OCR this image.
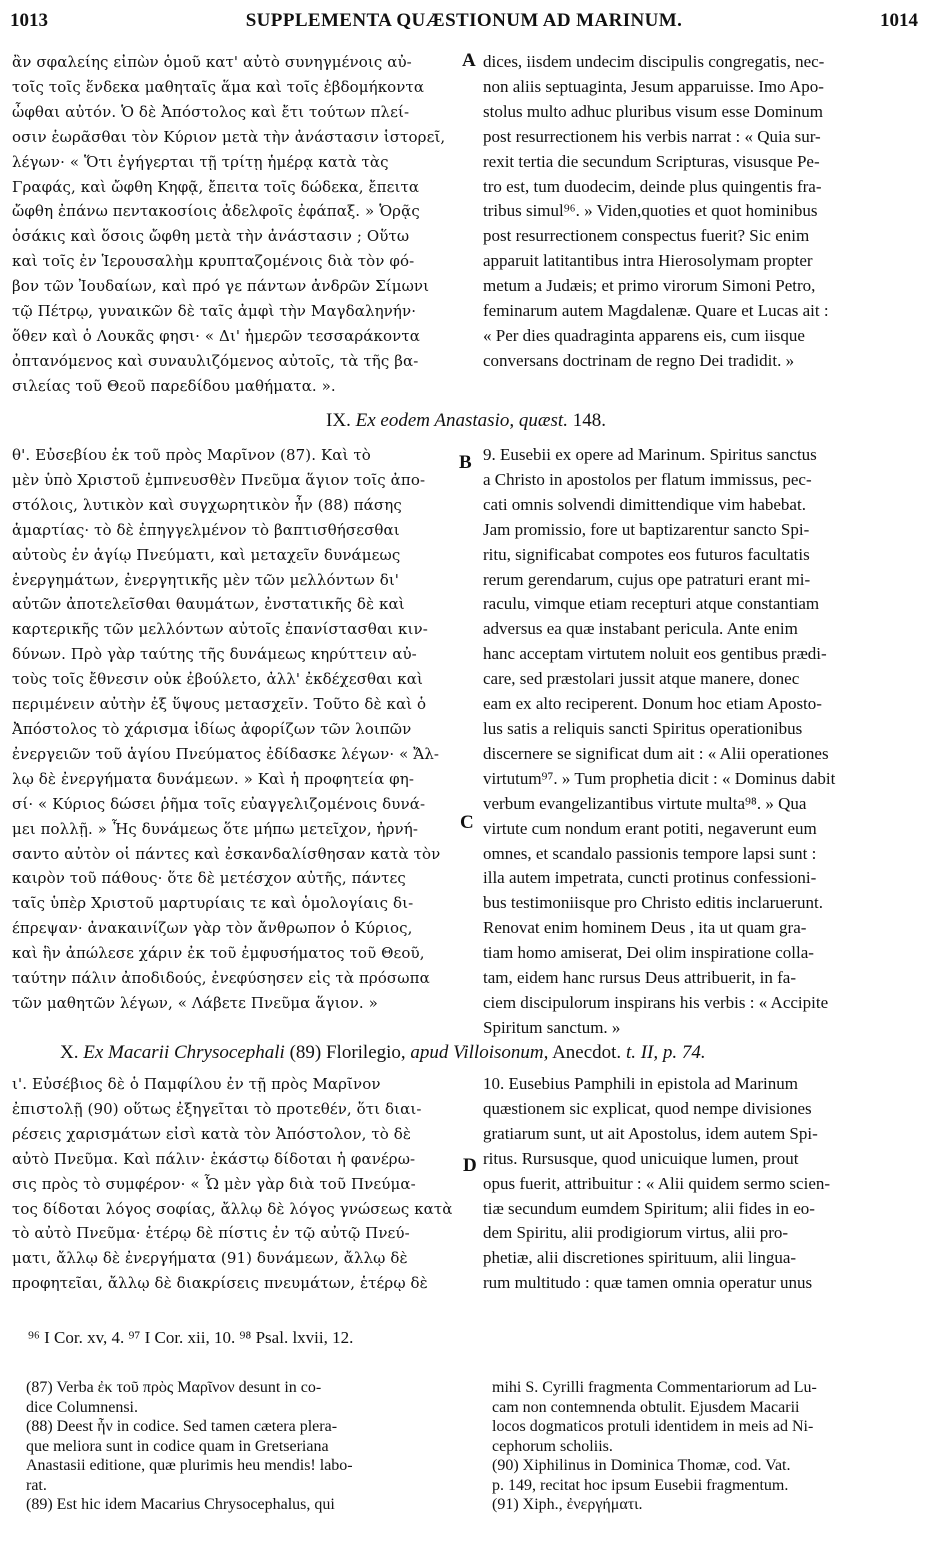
1013	SUPPLEMENTA QUÆSTIONUM AD MARINUM.	1014
ἂν σφαλείης εἰπὼν ὁμοῦ κατ' αὐτὸ συνηγμένοις αὐ-
τοῖς τοῖς ἕνδεκα μαθηταῖς ἅμα καὶ τοῖς ἑβδομήκοντα
ὦφθαι αὐτόν. Ὁ δὲ Ἀπόστολος καὶ ἔτι τούτων πλεί-
οσιν ἑωρᾶσθαι τὸν Κύριον μετὰ τὴν ἀνάστασιν ἱστορεῖ,
λέγων· « Ὅτι ἐγήγερται τῇ τρίτῃ ἡμέρᾳ κατὰ τὰς
Γραφάς, καὶ ὤφθη Κηφᾷ, ἔπειτα τοῖς δώδεκα, ἔπειτα
ὤφθη ἐπάνω πεντακοσίοις ἀδελφοῖς ἐφάπαξ. » Ὁρᾷς
ὁσάκις καὶ ὅσοις ὤφθη μετὰ τὴν ἀνάστασιν ; Οὕτω
καὶ τοῖς ἐν Ἱερουσαλὴμ κρυπταζομένοις διὰ τὸν φό-
βον τῶν Ἰουδαίων, καὶ πρό γε πάντων ἀνδρῶν Σίμωνι
τῷ Πέτρῳ, γυναικῶν δὲ ταῖς ἀμφὶ τὴν Μαγδαληνήν·
ὅθεν καὶ ὁ Λουκᾶς φησι· « Δι' ἡμερῶν τεσσαράκοντα
ὀπτανόμενος καὶ συναυλιζόμενος αὐτοῖς, τὰ τῆς βα-
σιλείας τοῦ Θεοῦ παρεδίδου μαθήματα. ».
dices, iisdem undecim discipulis congregatis, nec-
non aliis septuaginta, Jesum apparuisse. Imo Apo-
stolus multo adhuc pluribus visum esse Dominum
post resurrectionem his verbis narrat : « Quia sur-
rexit tertia die secundum Scripturas, visusque Pe-
tro est, tum duodecim, deinde plus quingentis fra-
tribus simul⁹⁶. » Viden,quoties et quot hominibus
post resurrectionem conspectus fuerit? Sic enim
apparuit latitantibus intra Hierosolymam propter
metum a Judæis; et primo virorum Simoni Petro,
feminarum autem Magdalenæ. Quare et Lucas ait :
« Per dies quadraginta apparens eis, cum iisque
conversans doctrinam de regno Dei tradidit. »
A
IX. Ex eodem Anastasio, quæst. 148.
θ'. Εὐσεβίου ἐκ τοῦ πρὸς Μαρῖνον (87). Καὶ τὸ
μὲν ὑπὸ Χριστοῦ ἐμπνευσθὲν Πνεῦμα ἅγιον τοῖς ἀπο-
στόλοις, λυτικὸν καὶ συγχωρητικὸν ἦν (88) πάσης
ἁμαρτίας· τὸ δὲ ἐπηγγελμένον τὸ βαπτισθήσεσθαι
αὐτοὺς ἐν ἁγίῳ Πνεύματι, καὶ μεταχεῖν δυνάμεως
ἐνεργημάτων, ἐνεργητικῆς μὲν τῶν μελλόντων δι'
αὐτῶν ἀποτελεῖσθαι θαυμάτων, ἐνστατικῆς δὲ καὶ
καρτερικῆς τῶν μελλόντων αὐτοῖς ἐπανίστασθαι κιν-
δύνων. Πρὸ γὰρ ταύτης τῆς δυνάμεως κηρύττειν αὐ-
τοὺς τοῖς ἔθνεσιν οὐκ ἐβούλετο, ἀλλ' ἐκδέχεσθαι καὶ
περιμένειν αὐτὴν ἐξ ὕψους μετασχεῖν. Τοῦτο δὲ καὶ ὁ
Ἀπόστολος τὸ χάρισμα ἰδίως ἀφορίζων τῶν λοιπῶν
ἐνεργειῶν τοῦ ἁγίου Πνεύματος ἐδίδασκε λέγων· « Ἄλ-
λῳ δὲ ἐνεργήματα δυνάμεων. » Καὶ ἡ προφητεία φη-
σί· « Κύριος δώσει ῥῆμα τοῖς εὐαγγελιζομένοις δυνά-
μει πολλῇ. » Ἧς δυνάμεως ὅτε μήπω μετεῖχον, ἠρνή-
σαντο αὐτὸν οἱ πάντες καὶ ἐσκανδαλίσθησαν κατὰ τὸν
καιρὸν τοῦ πάθους· ὅτε δὲ μετέσχον αὐτῆς, πάντες
ταῖς ὑπὲρ Χριστοῦ μαρτυρίαις τε καὶ ὁμολογίαις δι-
έπρεψαν· ἀνακαινίζων γὰρ τὸν ἄνθρωπον ὁ Κύριος,
καὶ ἣν ἀπώλεσε χάριν ἐκ τοῦ ἐμφυσήματος τοῦ Θεοῦ,
ταύτην πάλιν ἀποδιδούς, ἐνεφύσησεν εἰς τὰ πρόσωπα
τῶν μαθητῶν λέγων, « Λάβετε Πνεῦμα ἅγιον. »
9. Eusebii ex opere ad Marinum. Spiritus sanctus
a Christo in apostolos per flatum immissus, pec-
cati omnis solvendi dimittendique vim habebat.
Jam promissio, fore ut baptizarentur sancto Spi-
ritu, significabat compotes eos futuros facultatis
rerum gerendarum, cujus ope patraturi erant mi-
raculu, vimque etiam recepturi atque constantiam
adversus ea quæ instabant pericula. Ante enim
hanc acceptam virtutem noluit eos gentibus prædi-
care, sed præstolari jussit atque manere, donec
eam ex alto reciperent. Donum hoc etiam Aposto-
lus satis a reliquis sancti Spiritus operationibus
discernere se significat dum ait : « Alii operationes
virtutum⁹⁷. » Tum prophetia dicit : « Dominus dabit
verbum evangelizantibus virtute multa⁹⁸. » Qua
virtute cum nondum erant potiti, negaverunt eum
omnes, et scandalo passionis tempore lapsi sunt :
illa autem impetrata, cuncti protinus confessioni-
bus testimoniisque pro Christo editis inclaruerunt.
Renovat enim hominem Deus , ita ut quam gra-
tiam homo amiserat, Dei olim inspiratione colla-
tam, eidem hanc rursus Deus attribuerit, in fa-
ciem discipulorum inspirans his verbis : « Accipite
Spiritum sanctum. »
B
C
X. Ex Macarii Chrysocephali (89) Florilegio, apud Villoisonum, Anecdot. t. II, p. 74.
ι'. Εὐσέβιος δὲ ὁ Παμφίλου ἐν τῇ πρὸς Μαρῖνον
ἐπιστολῇ (90) οὕτως ἐξηγεῖται τὸ προτεθέν, ὅτι διαι-
ρέσεις χαρισμάτων εἰσὶ κατὰ τὸν Ἀπόστολον, τὸ δὲ
αὐτὸ Πνεῦμα. Καὶ πάλιν· ἑκάστῳ δίδοται ἡ φανέρω-
σις πρὸς τὸ συμφέρον· « Ὧ μὲν γὰρ διὰ τοῦ Πνεύμα-
τος δίδοται λόγος σοφίας, ἄλλῳ δὲ λόγος γνώσεως κατὰ
τὸ αὐτὸ Πνεῦμα· ἑτέρῳ δὲ πίστις ἐν τῷ αὐτῷ Πνεύ-
ματι, ἄλλῳ δὲ ἐνεργήματα (91) δυνάμεων, ἄλλῳ δὲ
προφητεῖαι, ἄλλῳ δὲ διακρίσεις πνευμάτων, ἑτέρῳ δὲ
10. Eusebius Pamphili in epistola ad Marinum
quæstionem sic explicat, quod nempe divisiones
gratiarum sunt, ut ait Apostolus, idem autem Spi-
ritus. Rursusque, quod unicuique lumen, prout
opus fuerit, attribuitur : « Alii quidem sermo scien-
tiæ secundum eumdem Spiritum; alii fides in eo-
dem Spiritu, alii prodigiorum virtus, alii pro-
phetiæ, alii discretiones spirituum, alii lingua-
rum multitudo : quæ tamen omnia operatur unus
D
⁹⁶ I Cor. xv, 4. ⁹⁷ I Cor. xii, 10. ⁹⁸ Psal. lxvii, 12.
(87) Verba ἐκ τοῦ πρὸς Μαρῖνον desunt in co-
dice Columnensi.
(88) Deest ἦν in codice. Sed tamen cætera plera-
que meliora sunt in codice quam in Gretseriana
Anastasii editione, quæ plurimis heu mendis! labo-
rat.
(89) Est hic idem Macarius Chrysocephalus, qui
mihi S. Cyrilli fragmenta Commentariorum ad Lu-
cam non contemnenda obtulit. Ejusdem Macarii
locos dogmaticos protuli identidem in meis ad Ni-
cephorum scholiis.
(90) Xiphilinus in Dominica Thomæ, cod. Vat.
p. 149, recitat hoc ipsum Eusebii fragmentum.
(91) Xiph., ἐνεργήματι.
